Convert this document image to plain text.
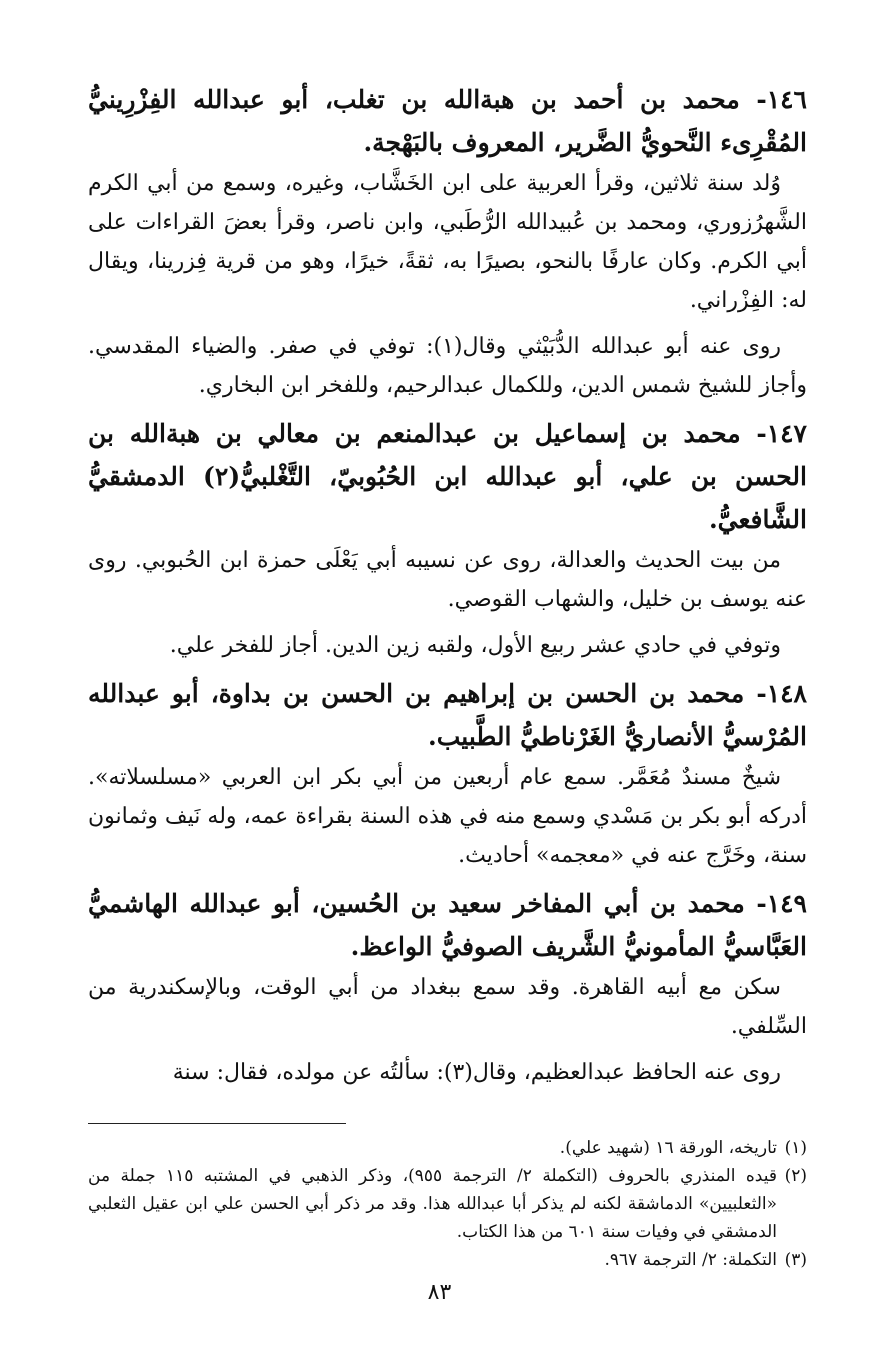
١٤٦- محمد بن أحمد بن هبةالله بن تغلب، أبو عبدالله الفِزْرِينيُّ المُقْرِىء النَّحويُّ الضَّرير، المعروف بالبَهْجة.

وُلد سنة ثلاثين، وقرأ العربية على ابن الخَشَّاب، وغيره، وسمع من أبي الكرم الشَّهرُزوري، ومحمد بن عُبيدالله الرُّطَبي، وابن ناصر، وقرأ بعضَ القراءات على أبي الكرم. وكان عارفًا بالنحو، بصيرًا به، ثقةً، خيرًا، وهو من قرية فِزرينا، ويقال له: الفِزْراني.

روى عنه أبو عبدالله الدُّبَيْثي وقال(١): توفي في صفر. والضياء المقدسي. وأجاز للشيخ شمس الدين، وللكمال عبدالرحيم، وللفخر ابن البخاري.

١٤٧- محمد بن إسماعيل بن عبدالمنعم بن معالي بن هبةالله بن الحسن بن علي، أبو عبدالله ابن الحُبُوبيّ، التَّغْلبيُّ(٢) الدمشقيُّ الشَّافعيُّ.

من بيت الحديث والعدالة، روى عن نسيبه أبي يَعْلَى حمزة ابن الحُبوبي. روى عنه يوسف بن خليل، والشهاب القوصي.

وتوفي في حادي عشر ربيع الأول، ولقبه زين الدين. أجاز للفخر علي.

١٤٨- محمد بن الحسن بن إبراهيم بن الحسن بن بداوة، أبو عبدالله المُرْسيُّ الأنصاريُّ الغَرْناطيُّ الطَّبيب.

شيخٌ مسندٌ مُعَمَّر. سمع عام أربعين من أبي بكر ابن العربي «مسلسلاته». أدركه أبو بكر بن مَسْدي وسمع منه في هذه السنة بقراءة عمه، وله نَيف وثمانون سنة، وخَرَّج عنه في «معجمه» أحاديث.

١٤٩- محمد بن أبي المفاخر سعيد بن الحُسين، أبو عبدالله الهاشميُّ العَبَّاسيُّ المأمونيُّ الشَّريف الصوفيُّ الواعظ.

سكن مع أبيه القاهرة. وقد سمع ببغداد من أبي الوقت، وبالإسكندرية من السِّلفي.

روى عنه الحافظ عبدالعظيم، وقال(٣): سألتُه عن مولده، فقال: سنة

(١)
تاريخه، الورقة ١٦ (شهيد علي).
(٢)
قيده المنذري بالحروف (التكملة ٢/ الترجمة ٩٥٥)، وذكر الذهبي في المشتبه ١١٥ جملة من «الثعلبيين» الدماشقة لكنه لم يذكر أبا عبدالله هذا. وقد مر ذكر أبي الحسن علي ابن عقيل الثعلبي الدمشقي في وفيات سنة ٦٠١ من هذا الكتاب.
(٣)
التكملة: ٢/ الترجمة ٩٦٧.
٨٣
